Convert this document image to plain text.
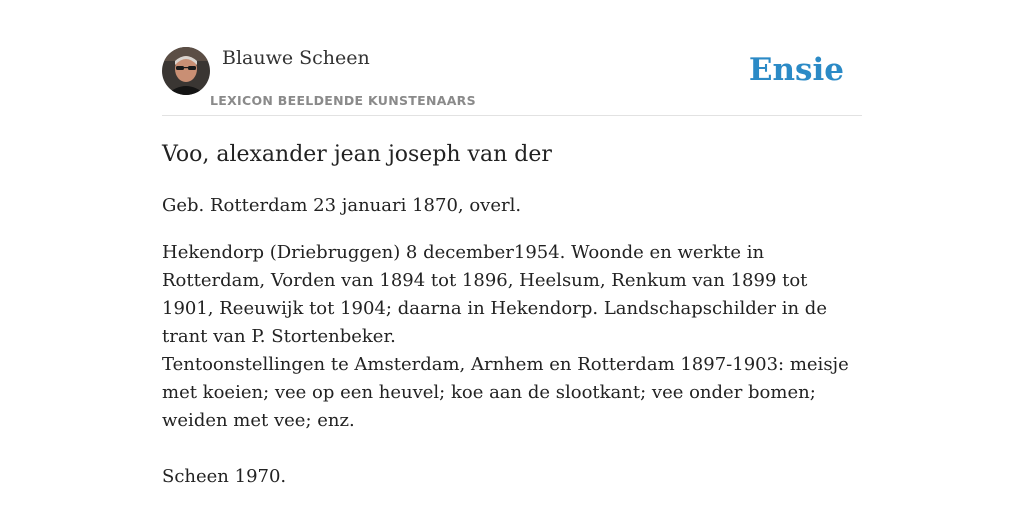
Blauwe Scheen
LEXICON BEELDENDE KUNSTENAARS
Ensie
Voo, alexander jean joseph van der

Geb. Rotterdam 23 januari 1870, overl.

Hekendorp (Driebruggen) 8 december1954. Woonde en werkte in Rotterdam, Vorden van 1894 tot 1896, Heelsum, Renkum van 1899 tot 1901, Reeuwijk tot 1904; daarna in Hekendorp. Landschapschilder in de trant van P. Stortenbeker.

Tentoonstellingen te Amsterdam, Arnhem en Rotterdam 1897-1903: meisje met koeien; vee op een heuvel; koe aan de slootkant; vee onder bomen; weiden met vee; enz.

Scheen 1970.
